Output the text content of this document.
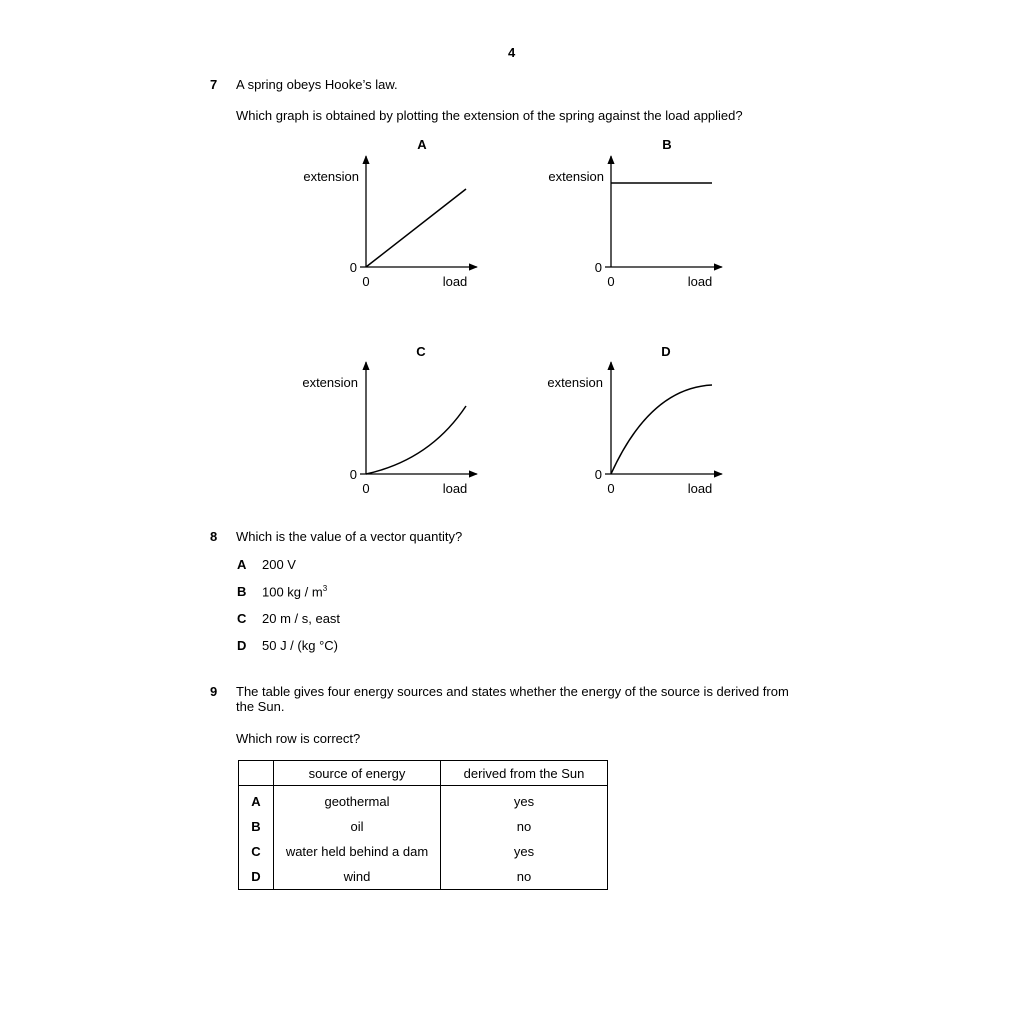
4
7 A spring obeys Hooke’s law.
Which graph is obtained by plotting the extension of the spring against the load applied?
A
extension
0
0	load
B
extension
0
0	load
C
extension
0
0	load
D
extension
0
0	load
8 Which is the value of a vector quantity?
A 200 V
B 100 kg / $m^3$
C 20 m / s, east
D 50 J / (kg °C)
9 The table gives four energy sources and states whether the energy of the source is derived from
the Sun.
Which row is correct?
	source of energy	derived from the Sun
A	geothermal	yes
B	oil	no
C	water held behind a dam	yes
D	wind	no
